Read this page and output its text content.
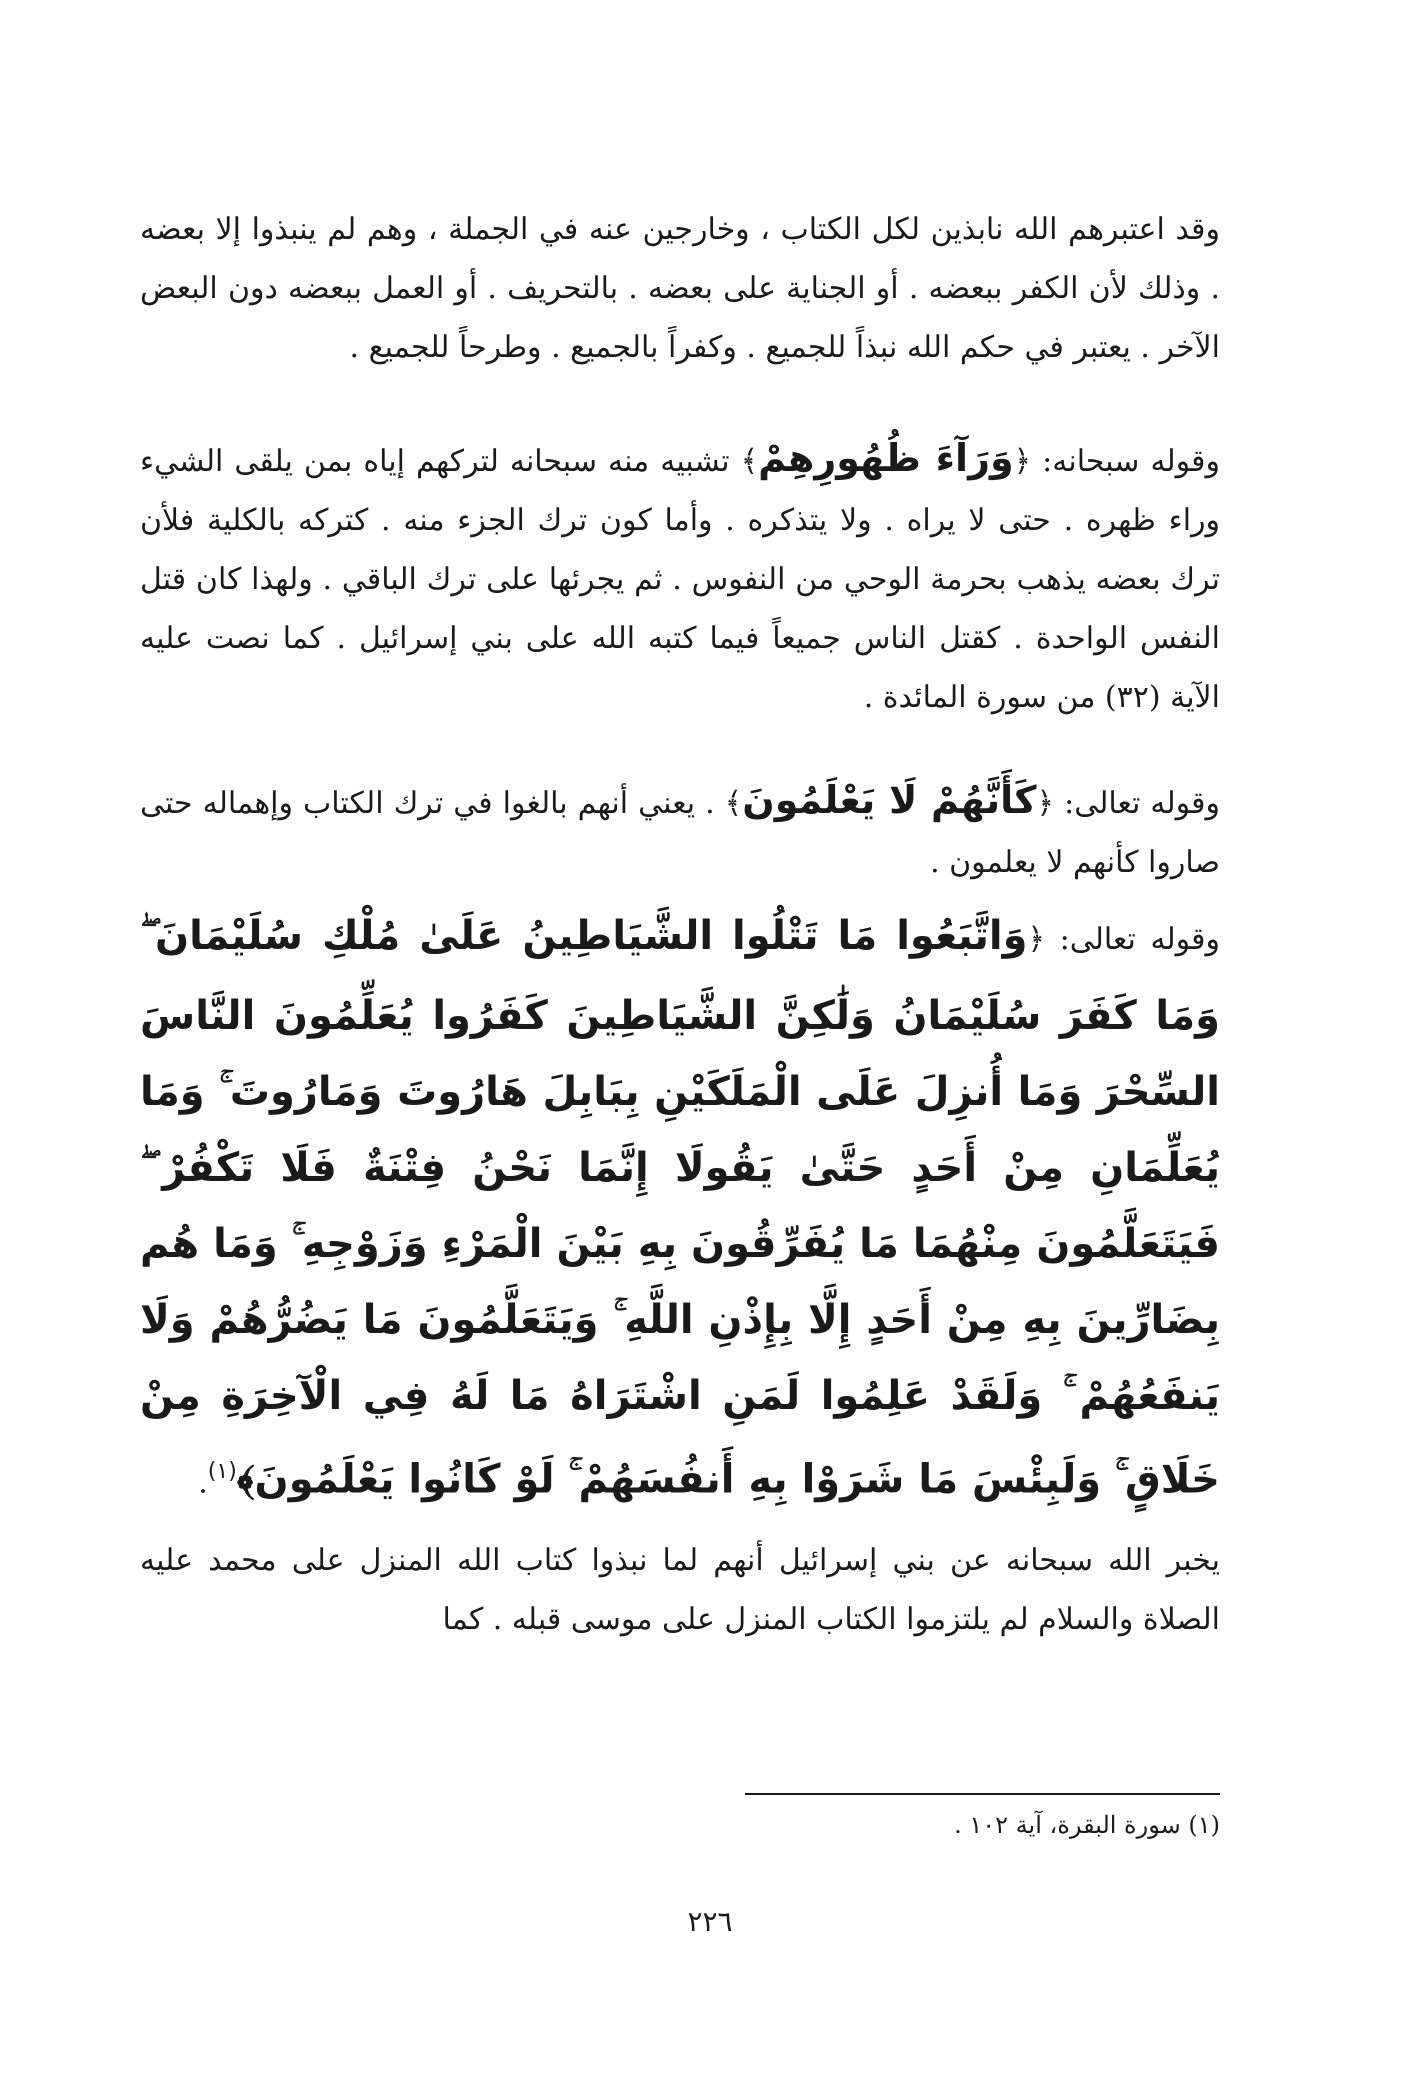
وقد اعتبرهم الله نابذين لكل الكتاب ، وخارجين عنه في الجملة ، وهم لم ينبذوا إلا بعضه . وذلك لأن الكفر ببعضه . أو الجناية على بعضه . بالتحريف . أو العمل ببعضه دون البعض الآخر . يعتبر في حكم الله نبذاً للجميع . وكفراً بالجميع . وطرحاً للجميع .

وقوله سبحانه: ﴿وَرَآءَ ظُهُورِهِمْ﴾ تشبيه منه سبحانه لتركهم إياه بمن يلقى الشيء وراء ظهره . حتى لا يراه . ولا يتذكره . وأما كون ترك الجزء منه . كتركه بالكلية فلأن ترك بعضه يذهب بحرمة الوحي من النفوس . ثم يجرئها على ترك الباقي . ولهذا كان قتل النفس الواحدة . كقتل الناس جميعاً فيما كتبه الله على بني إسرائيل . كما نصت عليه الآية (٣٢) من سورة المائدة .

وقوله تعالى: ﴿كَأَنَّهُمْ لَا يَعْلَمُونَ﴾ . يعني أنهم بالغوا في ترك الكتاب وإهماله حتى صاروا كأنهم لا يعلمون .

وقوله تعالى: ﴿وَاتَّبَعُوا مَا تَتْلُوا الشَّيَاطِينُ عَلَىٰ مُلْكِ سُلَيْمَانَ ۖ وَمَا كَفَرَ سُلَيْمَانُ وَلَٰكِنَّ الشَّيَاطِينَ كَفَرُوا يُعَلِّمُونَ النَّاسَ السِّحْرَ وَمَا أُنزِلَ عَلَى الْمَلَكَيْنِ بِبَابِلَ هَارُوتَ وَمَارُوتَ ۚ وَمَا يُعَلِّمَانِ مِنْ أَحَدٍ حَتَّىٰ يَقُولَا إِنَّمَا نَحْنُ فِتْنَةٌ فَلَا تَكْفُرْ ۖ فَيَتَعَلَّمُونَ مِنْهُمَا مَا يُفَرِّقُونَ بِهِ بَيْنَ الْمَرْءِ وَزَوْجِهِ ۚ وَمَا هُم بِضَارِّينَ بِهِ مِنْ أَحَدٍ إِلَّا بِإِذْنِ اللَّهِ ۚ وَيَتَعَلَّمُونَ مَا يَضُرُّهُمْ وَلَا يَنفَعُهُمْ ۚ وَلَقَدْ عَلِمُوا لَمَنِ اشْتَرَاهُ مَا لَهُ فِي الْآخِرَةِ مِنْ خَلَاقٍ ۚ وَلَبِئْسَ مَا شَرَوْا بِهِ أَنفُسَهُمْ ۚ لَوْ كَانُوا يَعْلَمُونَ﴾$^{(١)}$.

يخبر الله سبحانه عن بني إسرائيل أنهم لما نبذوا كتاب الله المنزل على محمد عليه الصلاة والسلام لم يلتزموا الكتاب المنزل على موسى قبله . كما

(١) سورة البقرة، آية ١٠٢ .
٢٢٦
